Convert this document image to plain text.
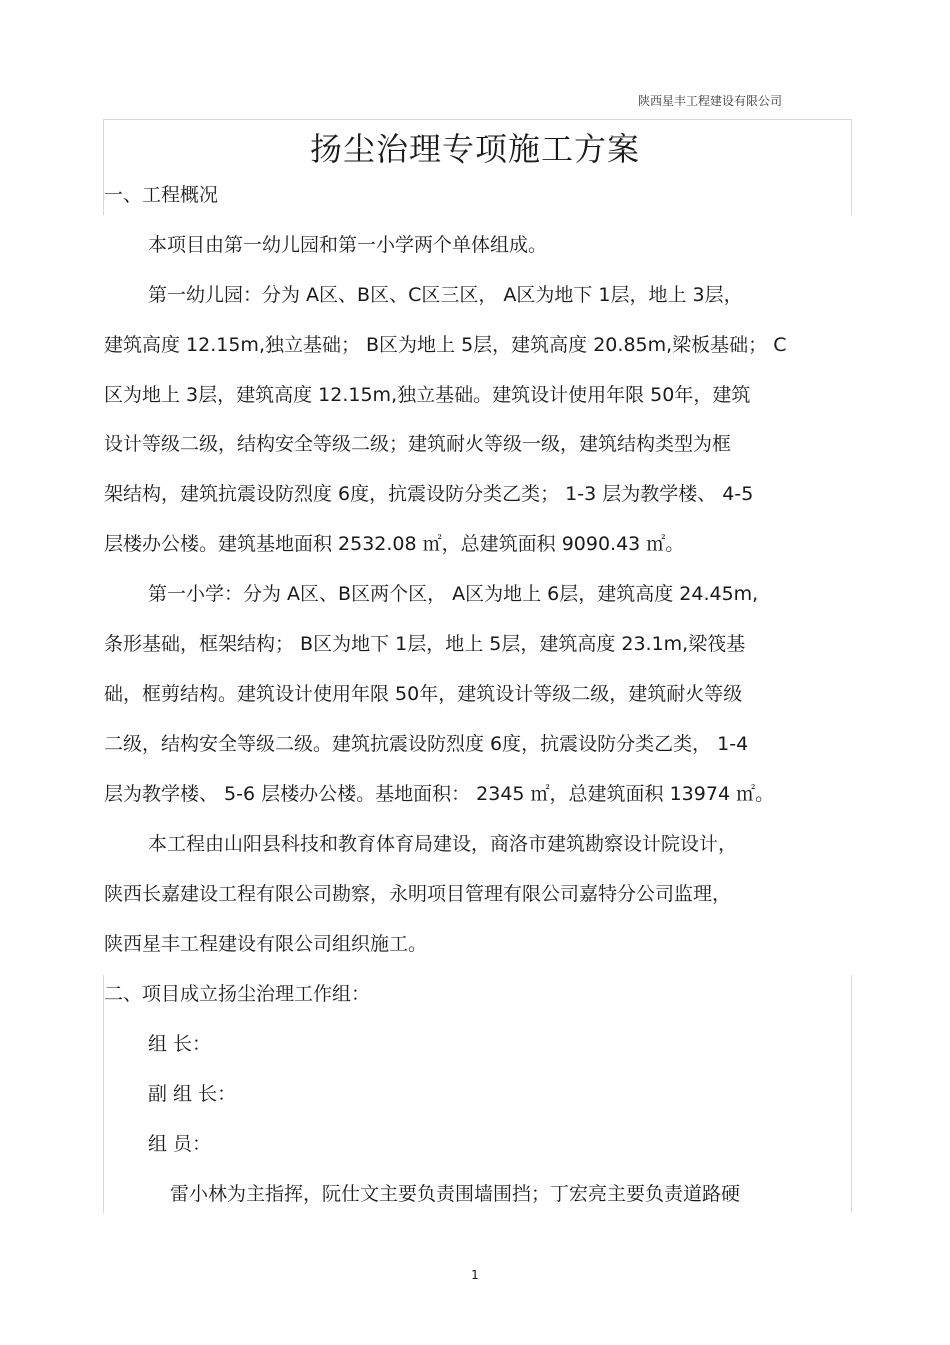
陕西星丰工程建设有限公司
扬尘治理专项施工方案
一、工程概况
本项目由第一幼儿园和第一小学两个单体组成。
第一幼儿园：分为 A区、B区、C区三区， A区为地下 1层，地上 3层，
建筑高度 12.15m,独立基础； B区为地上 5层，建筑高度 20.85m,梁板基础； C
区为地上 3层，建筑高度 12.15m,独立基础。建筑设计使用年限 50年，建筑
设计等级二级，结构安全等级二级；建筑耐火等级一级，建筑结构类型为框
架结构，建筑抗震设防烈度 6度，抗震设防分类乙类； 1-3 层为教学楼、 4-5
层楼办公楼。建筑基地面积 2532.08 ㎡，总建筑面积 9090.43 ㎡。
第一小学：分为 A区、B区两个区， A区为地上 6层，建筑高度 24.45m,
条形基础，框架结构； B区为地下 1层，地上 5层，建筑高度 23.1m,梁筏基
础，框剪结构。建筑设计使用年限 50年，建筑设计等级二级，建筑耐火等级
二级，结构安全等级二级。建筑抗震设防烈度 6度，抗震设防分类乙类， 1-4
层为教学楼、 5-6 层楼办公楼。基地面积： 2345 ㎡，总建筑面积 13974 ㎡。
本工程由山阳县科技和教育体育局建设，商洛市建筑勘察设计院设计，
陕西长嘉建设工程有限公司勘察，永明项目管理有限公司嘉特分公司监理，
陕西星丰工程建设有限公司组织施工。
二、项目成立扬尘治理工作组：
组 长：
副 组 长：
组 员：
雷小林为主指挥，阮仕文主要负责围墙围挡；丁宏亮主要负责道路硬
1
